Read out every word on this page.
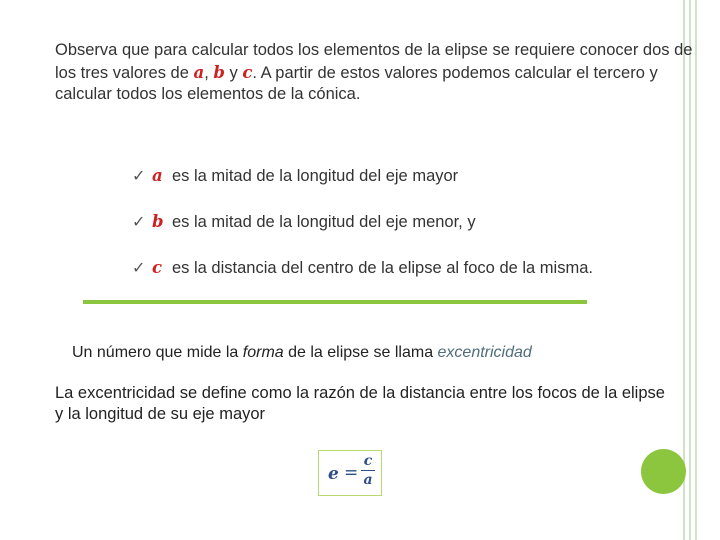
Observa que para calcular todos los elementos de la elipse se requiere conocer dos de los tres valores de a, b y c. A partir de estos valores podemos calcular el tercero y calcular todos los elementos de la cónica.
✓ a es la mitad de la longitud del eje mayor
✓ b es la mitad de la longitud del eje menor, y
✓ c es la distancia del centro de la elipse al foco de la misma.
Un número que mide la forma de la elipse se llama excentricidad
La excentricidad se define como la razón de la distancia entre los focos de la elipse y la longitud de su eje mayor
e =
c
a
